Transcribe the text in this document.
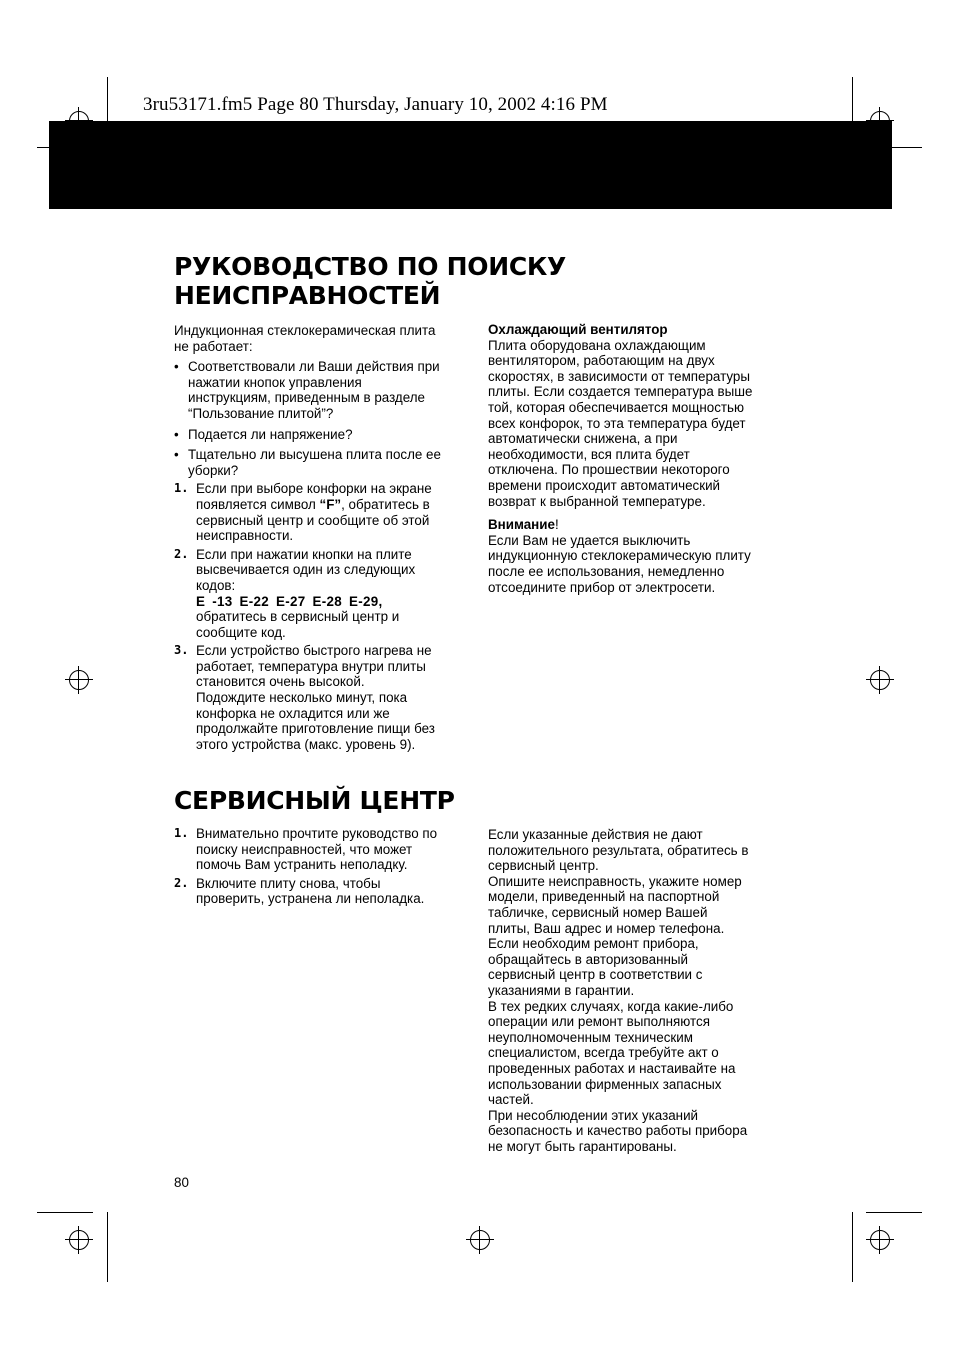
3ru53171.fm5 Page 80 Thursday, January 10, 2002 4:16 PM
РУКОВОДСТВО ПО ПОИСКУ
НЕИСПРАВНОСТЕЙ

Индукционная стеклокерамическая плита
не работает:

• Соответствовали ли Ваши действия при
нажатии кнопок управления
инструкциям, приведенным в разделе
“Пользование плитой”?
• Подается ли напряжение?
• Тщательно ли высушена плита после ее
уборки?
1. Если при выборе конфорки на экране
появляется символ “F”, обратитесь в
сервисный центр и сообщите об этой
неисправности.
2. Если при нажатии кнопки на плите
высвечивается один из следующих
кодов:
E -13 E-22 E-27 E-28 E-29,
обратитесь в сервисный центр и
сообщите код.
3. Если устройство быстрого нагрева не
работает, температура внутри плиты
становится очень высокой.
Подождите несколько минут, пока
конфорка не охладится или же
продолжайте приготовление пищи без
этого устройства (макс. уровень 9).

Охлаждающий вентилятор

Плита оборудована охлаждающим
вентилятором, работающим на двух
скоростях, в зависимости от температуры
плиты. Если создается температура выше
той, которая обеспечивается мощностью
всех конфорок, то эта температура будет
автоматически снижена, а при
необходимости, вся плита будет
отключена. По прошествии некоторого
времени происходит автоматический
возврат к выбранной температуре.

Внимание!

Если Вам не удается выключить
индукционную стеклокерамическую плиту
после ее использования, немедленно
отсоедините прибор от электросети.

СЕРВИСНЫЙ ЦЕНТР
1. Внимательно прочтите руководство по
поиску неисправностей, что может
помочь Вам устранить неполадку.
2. Включите плиту снова, чтобы
проверить, устранена ли неполадка.

Если указанные действия не дают
положительного результата, обратитесь в
сервисный центр.
Опишите неисправность, укажите номер
модели, приведенный на паспортной
табличке, сервисный номер Вашей
плиты, Ваш адрес и номер телефона.
Если необходим ремонт прибора,
обращайтесь в авторизованный
сервисный центр в соответствии с
указаниями в гарантии.
В тех редких случаях, когда какие-либо
операции или ремонт выполняются
неуполномоченным техническим
специалистом, всегда требуйте акт о
проведенных работах и настаивайте на
использовании фирменных запасных
частей.
При несоблюдении этих указаний
безопасность и качество работы прибора
не могут быть гарантированы.

80
